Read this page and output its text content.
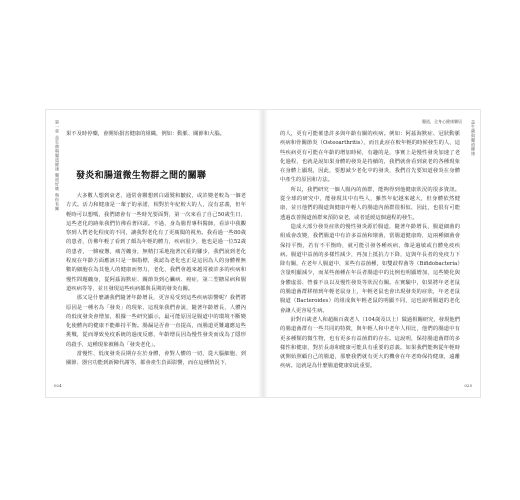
第一章 益生菌與腸道健康 腸道好壞 與你有關 果不及時停藥，會開始損害健康的組織，例如：動脈、關節和大腦。

發炎和腸道微生物群之間的關聯

大多數人想到衰老，通常會聯想到白頭髮和皺紋，或許變老較為一個老方式。活力和健康是一輩子的承諾，相對於年紀較大的人，沒有意義，但年輕時可以想嗎，我們總會有一些時光要面對，第一次來看了自己50歲生日，這些老化的跡象我們彷彿看著回頭。不過，身為腸胃專科醫師，看診中我觀察到人們老化程度的不同，讓我對老化有了更廣闊的視角。我看過一些80歲的患者，仿佛年輕了看到了頗為年輕的體力，疾病很少，他也是過一位52歲的患者，一臉疲憊，痛苦纏身，無精打采地拖著沉重的腳步，我們說到老化程度在年齡方面應該只是一個指標，我認為老化也正是這因為人的身體裡無數的細胞在為其他人的健康而努力，老化，我們會越來越常被許多的疾病和慢性問題纏身，從阿茲海默症、關節炎到心臟病、癌症，第二型糖尿病和腸道疾病等等，並且發現這些疾病都與長期的發炎有關。

那又是什麼讓我們隨著年齡增長，更容易受到這些疾病影響呢？我們將原因是一種名為「發炎」的現象，這現象我們會說，隨著年齡增長，人體內的低度發炎會增加，根據一些研究顯示，最可能原因是腸道中的環境不斷變化使體內的健康不能維持平衡。腸漏是否會一直提高，而腸道更難適應這些挑戰，從而導致免疫系統的過度反應，年齡增長因為慢性發炎而成為了隱形的殺手，這種現象被稱為「發炎老化」。

當慢性、低度發炎長期存在於身體，會對人體的一切，從大腦細胞、到關節、器官功能到新陳代謝等，都會產生負面影響，而在這種情況下，

024
腸道，全身心健康樂居 益生菌與腸道健康

的人，更有可能罹患許多與年齡有關的疾病。例如：阿茲海默症、冠狀動脈疾病和骨關節炎（Osteoarthritis），而且此症在較年輕的時候發生的人，這些疾病更有可能在年齡的增加時候，有趣的是，事實上是慢性發炎加速了老化過程，也就是說如果身體的發炎是持續的，我們就會看到衰老的各種現象在身體上顯現，因此，要想減少老化中的發炎，我們首先要知道發炎在身體中產生的原因和方法。

所以，我們研究一個人腸內的菌群，能夠得到他健康狀況的很多資訊。從全球的研究中，能發現其中有些人，雖然年紀越來越大，但身體依然健康，並且他們的腸道與健康年輕人的腸道內菌群很相似，因此，也很有可能透過改善腸道菌群來預防衰老，或者延緩這個過程的發生。

造成大部分發炎症狀的慢性發炎源於腸道，隨著年齡增長，腸道細菌的組成會改變，我們腸道中有許多益菌和壞菌，當腸道健康時，這兩種細菌會保持平衡，若有不平衡時，就可能引發各種疾病，像是過敏或自體免疫疾病。腸道中益菌的多樣性減少，再加上抵抗力下降，這與年長者的免疫力下降有關，在老年人腸道中，某些有益菌種，如雙歧桿菌等（Bifidobacteria）含量明顯減少，而某些菌種在年長者腸道中的比例也明顯增加，這些變化與身體虛弱、營養不良以及慢性發炎等狀況有關。在實驗中，如果將年老老鼠的腸道菌群移植到年輕老鼠身上，年輕老鼠也會出現發炎的症狀，年老老鼠腸道（Bacteroides）的組成與年輕老鼠的明顯不同，這也說明腸道的老化會讓人更容易生病。

針對百歲老人和超級百歲老人（104歲及以上）做過相關研究，發現他們的腸道菌群有一些共同的特徵，與年輕人和中老年人相比，他們的腸道中有更多種類的微生物，也有更多有益菌群的存在。這說明，保持腸道菌群的多樣性和健康，對於長壽和健康可能具有重要的意義。如果我們能夠從年輕時就開始照顧自己的腸道，那麼我們就有更大的機會在年老時保持健康，遠離疾病。這就是為什麼腸道健康如此重要。

025
